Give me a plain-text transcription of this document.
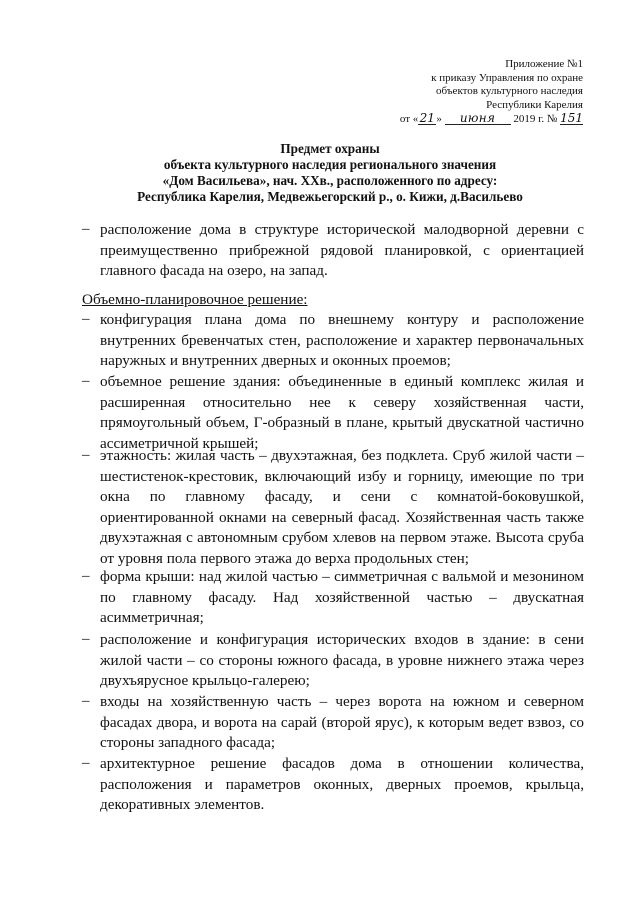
Приложение №1
к приказу Управления по охране
объектов культурного наследия
Республики Карелия
от «21» июня 2019 г. № 151
Предмет охраны
объекта культурного наследия регионального значения
«Дом Васильева», нач. XXв., расположенного по адресу:
Республика Карелия, Медвежьегорский р., о. Кижи, д.Васильево
– расположение дома в структуре исторической малодворной деревни с преимущественно прибрежной рядовой планировкой, с ориентацией главного фасада на озеро, на запад.
Объемно-планировочное решение:
– конфигурация плана дома по внешнему контуру и расположение внутренних бревенчатых стен, расположение и характер первоначальных наружных и внутренних дверных и оконных проемов;
– объемное решение здания: объединенные в единый комплекс жилая и расширенная относительно нее к северу хозяйственная части, прямоугольный объем, Г-образный в плане, крытый двускатной частично ассиметричной крышей;
– этажность: жилая часть – двухэтажная, без подклета. Сруб жилой части – шестистенок-крестовик, включающий избу и горницу, имеющие по три окна по главному фасаду, и сени с комнатой-боковушкой, ориентированной окнами на северный фасад. Хозяйственная часть также двухэтажная с автономным срубом хлевов на первом этаже. Высота сруба от уровня пола первого этажа до верха продольных стен;
– форма крыши: над жилой частью – симметричная с вальмой и мезонином по главному фасаду. Над хозяйственной частью – двускатная асимметричная;
– расположение и конфигурация исторических входов в здание: в сени жилой части – со стороны южного фасада, в уровне нижнего этажа через двухъярусное крыльцо-галерею;
– входы на хозяйственную часть – через ворота на южном и северном фасадах двора, и ворота на сарай (второй ярус), к которым ведет взвоз, со стороны западного фасада;
– архитектурное решение фасадов дома в отношении количества, расположения и параметров оконных, дверных проемов, крыльца, декоративных элементов.
